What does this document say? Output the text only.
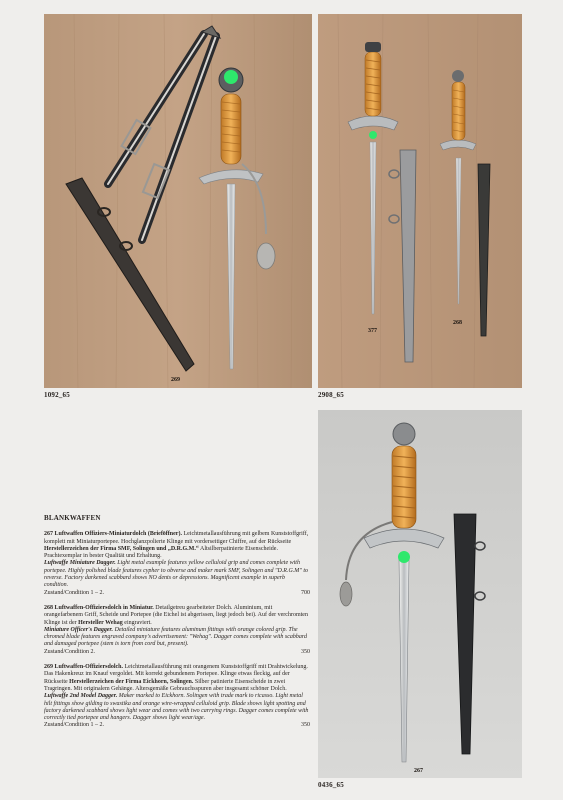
269
1092_65
377
268
2908_65
267
0436_65
BLANKWAFFEN

267 Luftwaffen Offiziers-Miniaturdolch (Brieföffner). Leichtmetallausführung mit gelbem Kunststoffgriff, komplett mit Miniaturportepee. Hochglanzpolierte Klinge mit vorderseitiger Chiffre, auf der Rückseite Herstellerzeichen der Firma SMF, Solingen und „D.R.G.M.“ Altsilberpatinierte Eisenscheide. Prachtexemplar in bester Qualität und Erhaltung.

Luftwaffe Miniature Dagger. Light metal example features yellow celluloid grip and comes complete with portepee. Highly polished blade features cypher to obverse and maker mark SMF, Solingen and "D.R.G.M" to reverse. Factory darkened scabbard shows NO dents or depressions. Magnificent example in superb condition.

Zustand/Condition 1 – 2.	700

268 Luftwaffen-Offiziersdolch in Miniatur. Detailgetreu gearbeiteter Dolch. Aluminium, mit orangefarbenem Griff, Scheide und Portepee (die Eichel ist abgerissen, liegt jedoch bei). Auf der verchromten Klinge ist der Hersteller Wehag eingraviert.

Miniature Officer's Dagger. Detailed miniature features aluminum fittings with orange colored grip. The chromed blade features engraved company's advertisement: "Wehag". Dagger comes complete with scabbard and damaged portepee (stem is torn from cord but, present).

Zustand/Condition 2.	350

269 Luftwaffen-Offiziersdolch. Leichtmetallausführung mit orangenem Kunststoffgriff mit Drahtwickelung. Das Hakenkreuz im Knauf vergoldet. Mit korrekt gebundenem Portepee. Klinge etwas fleckig, auf der Rückseite Herstellerzeichen der Firma Eickhorn, Solingen. Silber patinierte Eisenscheide in zwei Tragringen. Mit originalem Gehänge. Altersgemäße Gebrauchsspuren aber insgesamt schöner Dolch.

Luftwaffe 2nd Model Dagger. Maker marked to Eickhorn. Solingen with trade mark to ricasso. Light metal hilt fittings show gilding to swastika and orange wire-wrapped celluloid grip. Blade shows light spotting and factory darkened scabbard shows light wear and comes with two carrying rings. Dagger comes complete with correctly tied portepee and hangers. Dagger shows light wear/age.

Zustand/Condition 1 – 2.	350
